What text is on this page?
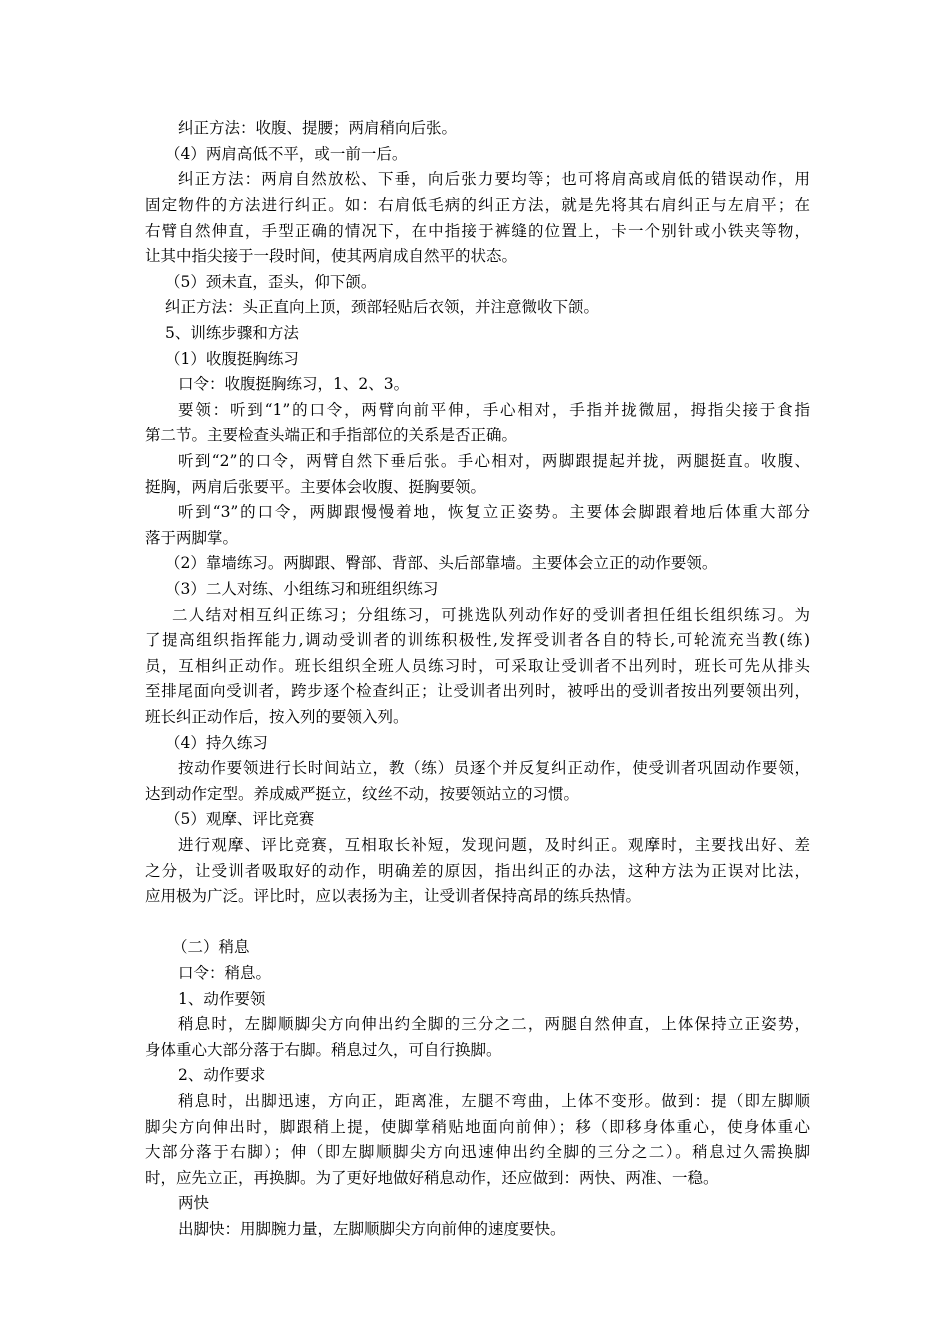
纠正方法：收腹、提腰；两肩稍向后张。
（4）两肩高低不平，或一前一后。
纠正方法：两肩自然放松、下垂，向后张力要均等；也可将肩高或肩低的错误动作，用
固定物件的方法进行纠正。如：右肩低毛病的纠正方法，就是先将其右肩纠正与左肩平；在
右臂自然伸直，手型正确的情况下，在中指接于裤缝的位置上，卡一个别针或小铁夹等物，
让其中指尖接于一段时间，使其两肩成自然平的状态。
（5）颈未直，歪头，仰下颌。
纠正方法：头正直向上顶，颈部轻贴后衣领，并注意微收下颌。
5、训练步骤和方法
（1）收腹挺胸练习
口令：收腹挺胸练习，1、2、3。
要领：听到“1”的口令，两臂向前平伸，手心相对，手指并拢微屈，拇指尖接于食指
第二节。主要检查头端正和手指部位的关系是否正确。
听到“2”的口令，两臂自然下垂后张。手心相对，两脚跟提起并拢，两腿挺直。收腹、
挺胸，两肩后张要平。主要体会收腹、挺胸要领。
听到“3”的口令，两脚跟慢慢着地，恢复立正姿势。主要体会脚跟着地后体重大部分
落于两脚掌。
（2）靠墙练习。两脚跟、臀部、背部、头后部靠墙。主要体会立正的动作要领。
（3）二人对练、小组练习和班组织练习
二人结对相互纠正练习；分组练习，可挑选队列动作好的受训者担任组长组织练习。为
了提高组织指挥能力,调动受训者的训练积极性,发挥受训者各自的特长,可轮流充当教(练)
员，互相纠正动作。班长组织全班人员练习时，可采取让受训者不出列时，班长可先从排头
至排尾面向受训者，跨步逐个检查纠正；让受训者出列时，被呼出的受训者按出列要领出列，
班长纠正动作后，按入列的要领入列。
（4）持久练习
按动作要领进行长时间站立，教（练）员逐个并反复纠正动作，使受训者巩固动作要领，
达到动作定型。养成威严挺立，纹丝不动，按要领站立的习惯。
（5）观摩、评比竞赛
进行观摩、评比竞赛，互相取长补短，发现问题，及时纠正。观摩时，主要找出好、差
之分，让受训者吸取好的动作，明确差的原因，指出纠正的办法，这种方法为正误对比法，
应用极为广泛。评比时，应以表扬为主，让受训者保持高昂的练兵热情。
（二）稍息
口令：稍息。
1、动作要领
稍息时，左脚顺脚尖方向伸出约全脚的三分之二，两腿自然伸直，上体保持立正姿势，
身体重心大部分落于右脚。稍息过久，可自行换脚。
2、动作要求
稍息时，出脚迅速，方向正，距离准，左腿不弯曲，上体不变形。做到：提（即左脚顺
脚尖方向伸出时，脚跟稍上提，使脚掌稍贴地面向前伸）；移（即移身体重心，使身体重心
大部分落于右脚）；伸（即左脚顺脚尖方向迅速伸出约全脚的三分之二）。稍息过久需换脚
时，应先立正，再换脚。为了更好地做好稍息动作，还应做到：两快、两准、一稳。
两快
出脚快：用脚腕力量，左脚顺脚尖方向前伸的速度要快。
